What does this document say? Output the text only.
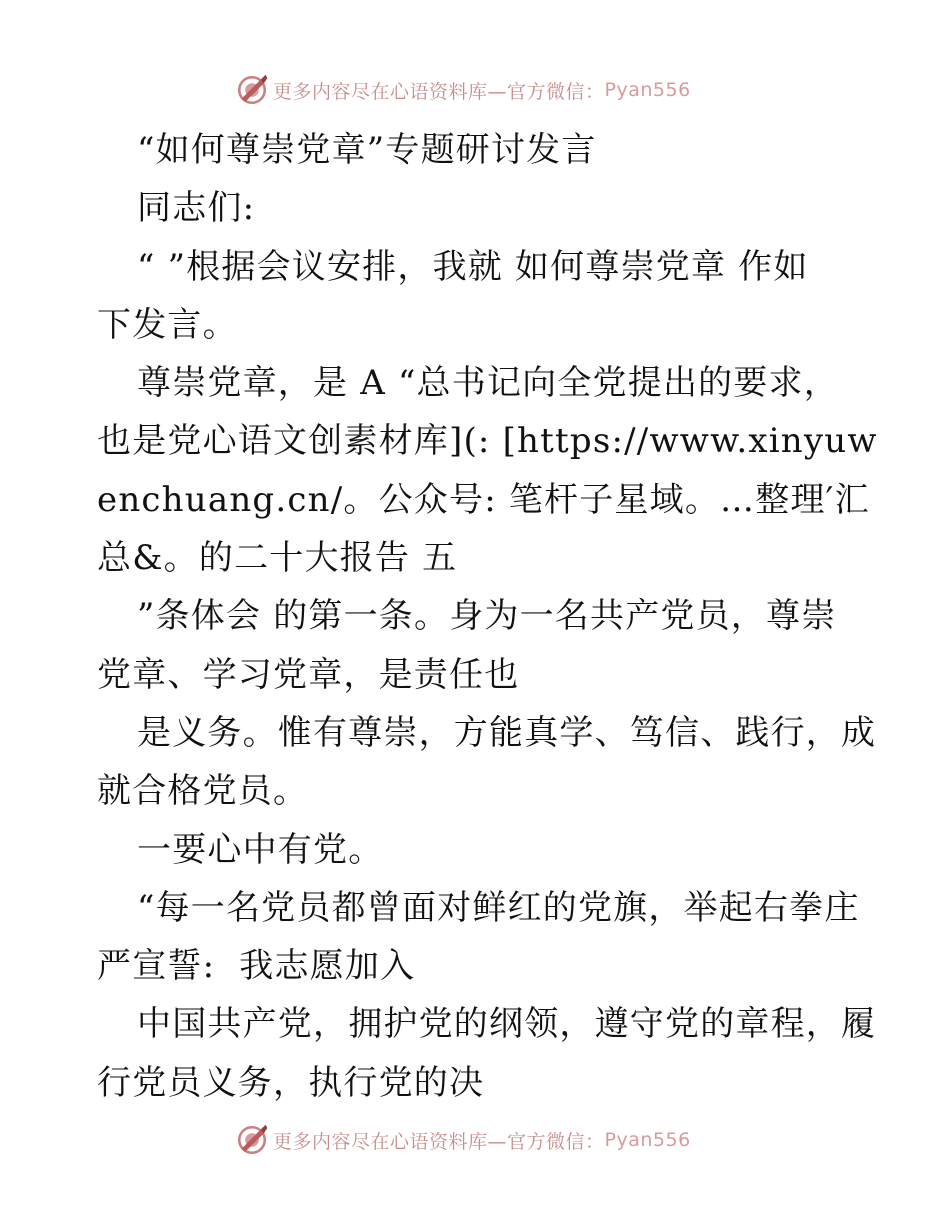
更多内容尽在心语资料库—官方微信： Pyan556
“如何尊崇党章”专题研讨发言
同志们:
“ ”根据会议安排，我就 如何尊崇党章 作如
下发言。
尊崇党章，是 A “总书记向全党提出的要求，
也是党心语文创素材库](: [https://www.xinyuw
enchuang.cn/。公众号: 笔杆子星域。…整理′汇
总&。的二十大报告 五
”条体会 的第一条。身为一名共产党员，尊崇
党章、学习党章，是责任也
是义务。惟有尊崇，方能真学、笃信、践行，成
就合格党员。
一要心中有党。
“每一名党员都曾面对鲜红的党旗，举起右拳庄
严宣誓:  我志愿加入
中国共产党，拥护党的纲领，遵守党的章程，履
行党员义务，执行党的决
更多内容尽在心语资料库—官方微信： Pyan556
